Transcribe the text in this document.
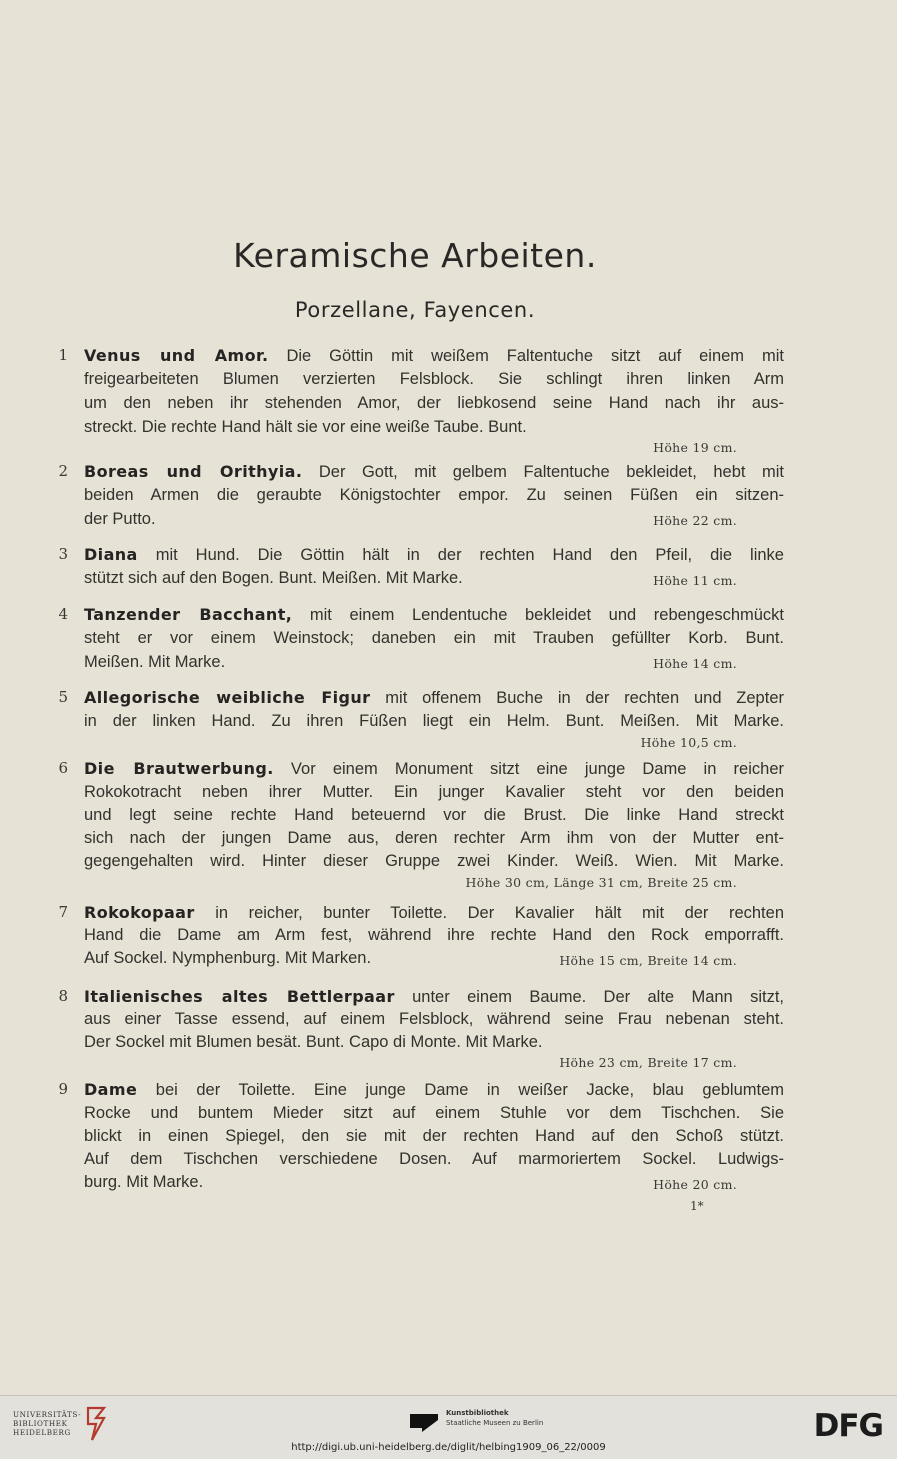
Keramische Arbeiten.
Porzellane, Fayencen.
1 Venus und Amor. Die Göttin mit weißem Faltentuche sitzt auf einem mit
freigearbeiteten Blumen verzierten Felsblock. Sie schlingt ihren linken Arm
um den neben ihr stehenden Amor, der liebkosend seine Hand nach ihr aus-
streckt. Die rechte Hand hält sie vor eine weiße Taube. Bunt.
Höhe 19 cm.
2 Boreas und Orithyia. Der Gott, mit gelbem Faltentuche bekleidet, hebt mit
beiden Armen die geraubte Königstochter empor. Zu seinen Füßen ein sitzen-
der Putto.	Höhe 22 cm.
3 Diana mit Hund. Die Göttin hält in der rechten Hand den Pfeil, die linke
stützt sich auf den Bogen. Bunt. Meißen. Mit Marke.	Höhe 11 cm.
4 Tanzender Bacchant, mit einem Lendentuche bekleidet und rebengeschmückt
steht er vor einem Weinstock; daneben ein mit Trauben gefüllter Korb. Bunt.
Meißen. Mit Marke.	Höhe 14 cm.
5 Allegorische weibliche Figur mit offenem Buche in der rechten und Zepter
in der linken Hand. Zu ihren Füßen liegt ein Helm. Bunt. Meißen. Mit Marke.
Höhe 10,5 cm.
6 Die Brautwerbung. Vor einem Monument sitzt eine junge Dame in reicher
Rokokotracht neben ihrer Mutter. Ein junger Kavalier steht vor den beiden
und legt seine rechte Hand beteuernd vor die Brust. Die linke Hand streckt
sich nach der jungen Dame aus, deren rechter Arm ihm von der Mutter ent-
gegengehalten wird. Hinter dieser Gruppe zwei Kinder. Weiß. Wien. Mit Marke.
Höhe 30 cm, Länge 31 cm, Breite 25 cm.
7 Rokokopaar in reicher, bunter Toilette. Der Kavalier hält mit der rechten
Hand die Dame am Arm fest, während ihre rechte Hand den Rock emporrafft.
Auf Sockel. Nymphenburg. Mit Marken.	Höhe 15 cm, Breite 14 cm.
8 Italienisches altes Bettlerpaar unter einem Baume. Der alte Mann sitzt,
aus einer Tasse essend, auf einem Felsblock, während seine Frau nebenan steht.
Der Sockel mit Blumen besät. Bunt. Capo di Monte. Mit Marke.
Höhe 23 cm, Breite 17 cm.
9 Dame bei der Toilette. Eine junge Dame in weißer Jacke, blau geblumtem
Rocke und buntem Mieder sitzt auf einem Stuhle vor dem Tischchen. Sie
blickt in einen Spiegel, den sie mit der rechten Hand auf den Schoß stützt.
Auf dem Tischchen verschiedene Dosen. Auf marmoriertem Sockel. Ludwigs-
burg. Mit Marke.	Höhe 20 cm.
1*
UNIVERSITÄTS-
BIBLIOTHEK
HEIDELBERG
Kunstbibliothek
Staatliche Museen zu Berlin	DFG
http://digi.ub.uni-heidelberg.de/diglit/helbing1909_06_22/0009
